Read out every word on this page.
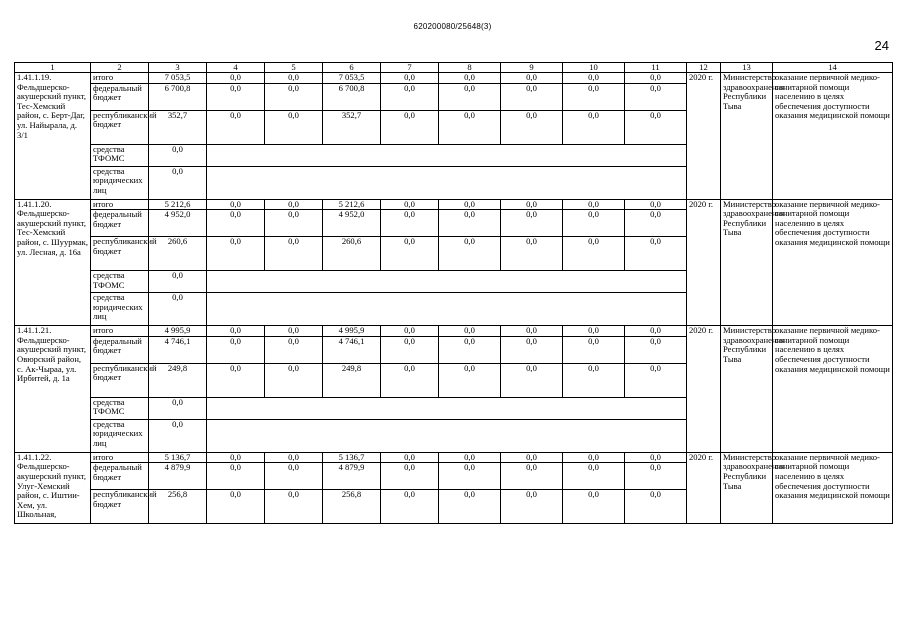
620200080/25648(3)
24
1	2	3	4	5	6	7	8	9	10	11	12	13	14
1.41.1.19. Фельдшерско-акушерский пункт, Тес-Хемский район, с. Берт-Даг, ул. Найырала, д. 3/1	итого	7 053,5	0,0	0,0	7 053,5	0,0	0,0	0,0	0,0	0,0	2020 г.	Министерство здравоохранения Республики Тыва	оказание первичной медико-санитарной помощи населению в целях обеспечения доступности оказания медицинской помощи
	федеральный бюджет	6 700,8	0,0	0,0	6 700,8	0,0	0,0	0,0	0,0	0,0			
	республиканский бюджет	352,7	0,0	0,0	352,7	0,0	0,0	0,0	0,0	0,0			
	средства ТФОМС	0,0											
	средства юридических лиц	0,0											
1.41.1.20. Фельдшерско-акушерский пункт, Тес-Хемский район, с. Шуурмак, ул. Лесная, д. 16а	итого	5 212,6	0,0	0,0	5 212,6	0,0	0,0	0,0	0,0	0,0	2020 г.	Министерство здравоохранения Республики Тыва	оказание первичной медико-санитарной помощи населению в целях обеспечения доступности оказания медицинской помощи
	федеральный бюджет	4 952,0	0,0	0,0	4 952,0	0,0	0,0	0,0	0,0	0,0			
	республиканский бюджет	260,6	0,0	0,0	260,6	0,0	0,0	0,0	0,0	0,0			
	средства ТФОМС	0,0											
	средства юридических лиц	0,0											
1.41.1.21. Фельдшерско-акушерский пункт, Овюрский район, с. Ак-Чыраа, ул. Ирбитей, д. 1а	итого	4 995,9	0,0	0,0	4 995,9	0,0	0,0	0,0	0,0	0,0	2020 г.	Министерство здравоохранения Республики Тыва	оказание первичной медико-санитарной помощи населению в целях обеспечения доступности оказания медицинской помощи
	федеральный бюджет	4 746,1	0,0	0,0	4 746,1	0,0	0,0	0,0	0,0	0,0			
	республиканский бюджет	249,8	0,0	0,0	249,8	0,0	0,0	0,0	0,0	0,0			
	средства ТФОМС	0,0											
	средства юридических лиц	0,0											
1.41.1.22. Фельдшерско-акушерский пункт, Улуг-Хемский район, с. Иштии-Хем, ул. Школьная,	итого	5 136,7	0,0	0,0	5 136,7	0,0	0,0	0,0	0,0	0,0	2020 г.	Министерство здравоохранения Республики Тыва	оказание первичной медико-санитарной помощи населению в целях обеспечения доступности оказания медицинской помощи
	федеральный бюджет	4 879,9	0,0	0,0	4 879,9	0,0	0,0	0,0	0,0	0,0			
	республиканский бюджет	256,8	0,0	0,0	256,8	0,0	0,0	0,0	0,0	0,0			
